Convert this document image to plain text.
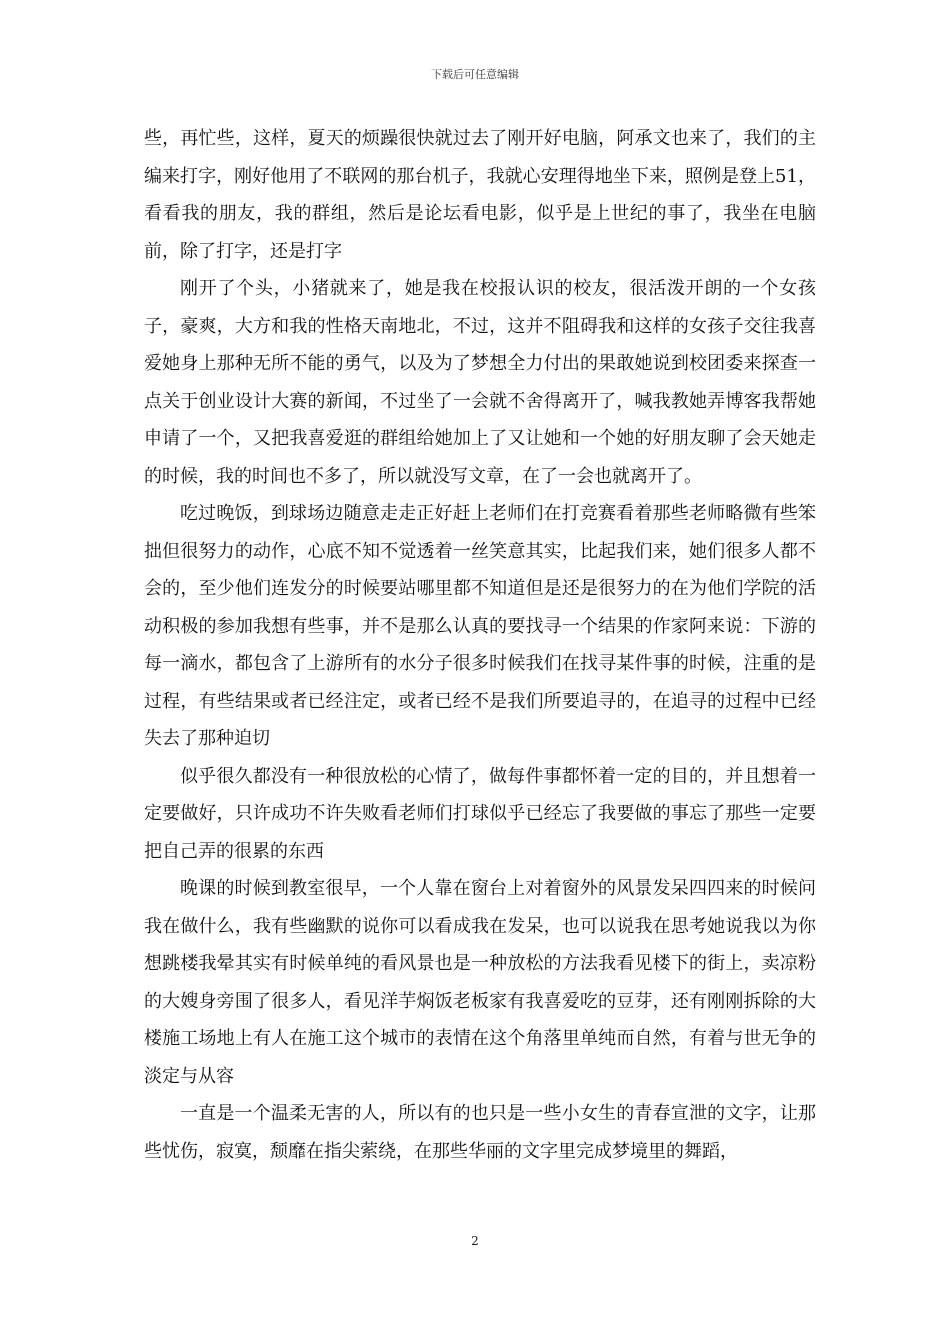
下载后可任意编辑

些，再忙些，这样，夏天的烦躁很快就过去了刚开好电脑，阿承文也来了，我们的主编来打字，刚好他用了不联网的那台机子，我就心安理得地坐下来，照例是登上51，看看我的朋友，我的群组，然后是论坛看电影，似乎是上世纪的事了，我坐在电脑前，除了打字，还是打字

刚开了个头，小猪就来了，她是我在校报认识的校友，很活泼开朗的一个女孩子，豪爽，大方和我的性格天南地北，不过，这并不阻碍我和这样的女孩子交往我喜爱她身上那种无所不能的勇气，以及为了梦想全力付出的果敢她说到校团委来探查一点关于创业设计大赛的新闻，不过坐了一会就不舍得离开了，喊我教她弄博客我帮她申请了一个，又把我喜爱逛的群组给她加上了又让她和一个她的好朋友聊了会天她走的时候，我的时间也不多了，所以就没写文章，在了一会也就离开了。

吃过晚饭，到球场边随意走走正好赶上老师们在打竞赛看着那些老师略微有些笨拙但很努力的动作，心底不知不觉透着一丝笑意其实，比起我们来，她们很多人都不会的，至少他们连发分的时候要站哪里都不知道但是还是很努力的在为他们学院的活动积极的参加我想有些事，并不是那么认真的要找寻一个结果的作家阿来说：下游的每一滴水，都包含了上游所有的水分子很多时候我们在找寻某件事的时候，注重的是过程，有些结果或者已经注定，或者已经不是我们所要追寻的，在追寻的过程中已经失去了那种迫切

似乎很久都没有一种很放松的心情了，做每件事都怀着一定的目的，并且想着一定要做好，只许成功不许失败看老师们打球似乎已经忘了我要做的事忘了那些一定要把自己弄的很累的东西

晚课的时候到教室很早，一个人靠在窗台上对着窗外的风景发呆四四来的时候问我在做什么，我有些幽默的说你可以看成我在发呆，也可以说我在思考她说我以为你想跳楼我晕其实有时候单纯的看风景也是一种放松的方法我看见楼下的街上，卖凉粉的大嫂身旁围了很多人，看见洋芋焖饭老板家有我喜爱吃的豆芽，还有刚刚拆除的大楼施工场地上有人在施工这个城市的表情在这个角落里单纯而自然，有着与世无争的淡定与从容

一直是一个温柔无害的人，所以有的也只是一些小女生的青春宣泄的文字，让那些忧伤，寂寞，颓靡在指尖萦绕，在那些华丽的文字里完成梦境里的舞蹈，

2
